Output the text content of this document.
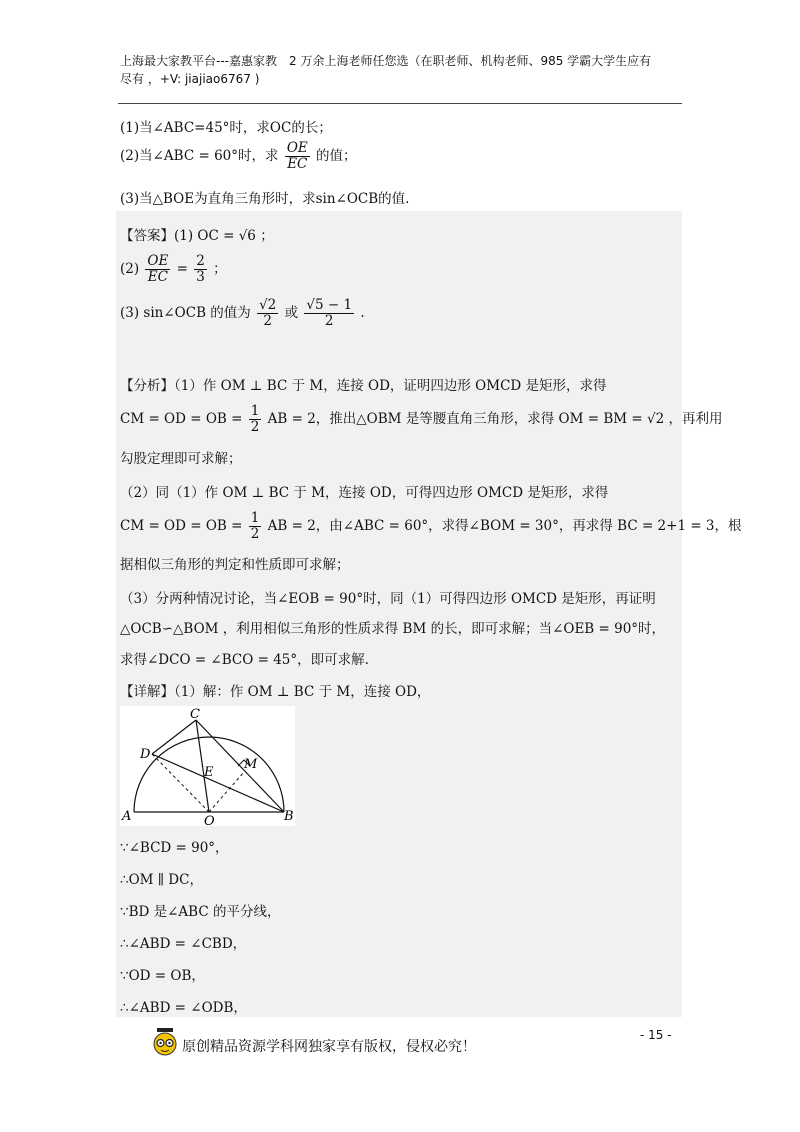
上海最大家教平台---嘉惠家教　2 万余上海老师任您选（在职老师、机构老师、985 学霸大学生应有
尽有 ，+V: jiajiao6767 )
(1)当∠ABC=45°时，求OC的长；
(2)当∠ABC = 60°时，求 $\frac{OE}{EC}$ 的值；
(3)当△BOE为直角三角形时，求sin∠OCB的值.
【答案】(1) OC = √6 ；
$(2) \frac{OE}{EC} = \frac{2}{3}$ ；
(3) sin∠OCB 的值为 $\frac{√2}{2}$ 或 $\frac{√5 - 1}{2}$ .
【分析】（1）作 OM ⊥ BC 于 M，连接 OD，证明四边形 OMCD 是矩形，求得
CM = OD = OB = $\frac{1}{2}$ AB = 2，推出△OBM 是等腰直角三角形，求得 OM = BM = √2 ，再利用
勾股定理即可求解；
（2）同（1）作 OM ⊥ BC 于 M，连接 OD，可得四边形 OMCD 是矩形，求得
CM = OD = OB = $\frac{1}{2}$ AB = 2，由∠ABC = 60°，求得∠BOM = 30°，再求得 BC = 2+1 = 3，根
据相似三角形的判定和性质即可求解；
（3）分两种情况讨论，当∠EOB = 90°时，同（1）可得四边形 OMCD 是矩形，再证明
△OCB∽△BOM ，利用相似三角形的性质求得 BM 的长，即可求解；当∠OEB = 90°时，
求得∠DCO = ∠BCO = 45°，即可求解.
【详解】（1）解：作 OM ⊥ BC 于 M，连接 OD，
C
D
E
M
A	B
O
∵∠BCD = 90°，
∴OM ∥ DC，
∵BD 是∠ABC 的平分线，
∴∠ABD = ∠CBD，
∵OD = OB，
∴∠ABD = ∠ODB，
原创精品资源学科网独家享有版权，侵权必究！
- 15 -
